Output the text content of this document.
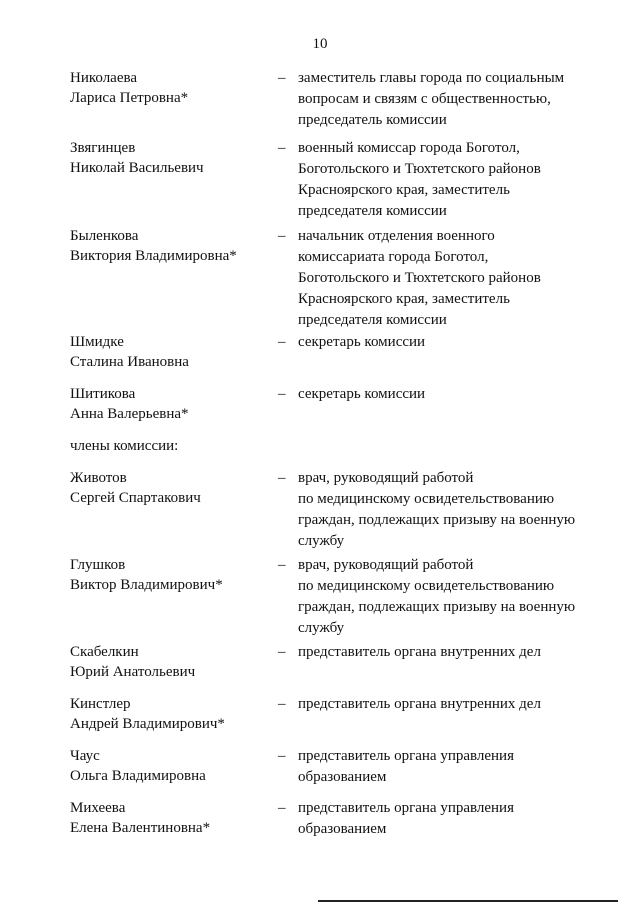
10
Николаева
Лариса Петровна*
– заместитель главы города по социальным
вопросам и связям с общественностью,
председатель комиссии
Звягинцев
Николай Васильевич
– военный комиссар города Боготол,
Боготольского и Тюхтетского районов
Красноярского края, заместитель
председателя комиссии
Быленкова
Виктория Владимировна*
– начальник отделения военного
комиссариата города Боготол,
Боготольского и Тюхтетского районов
Красноярского края, заместитель
председателя комиссии
Шмидке
Сталина Ивановна
– секретарь комиссии
Шитикова
Анна Валерьевна*
– секретарь комиссии
члены комиссии:
Животов
Сергей Спартакович
– врач, руководящий работой
по медицинскому освидетельствованию
граждан, подлежащих призыву на военную
службу
Глушков
Виктор Владимирович*
– врач, руководящий работой
по медицинскому освидетельствованию
граждан, подлежащих призыву на военную
службу
Скабелкин
Юрий Анатольевич
– представитель органа внутренних дел
Кинстлер
Андрей Владимирович*
– представитель органа внутренних дел
Чаус
Ольга Владимировна
– представитель органа управления
образованием
Михеева
Елена Валентиновна*
– представитель органа управления
образованием
